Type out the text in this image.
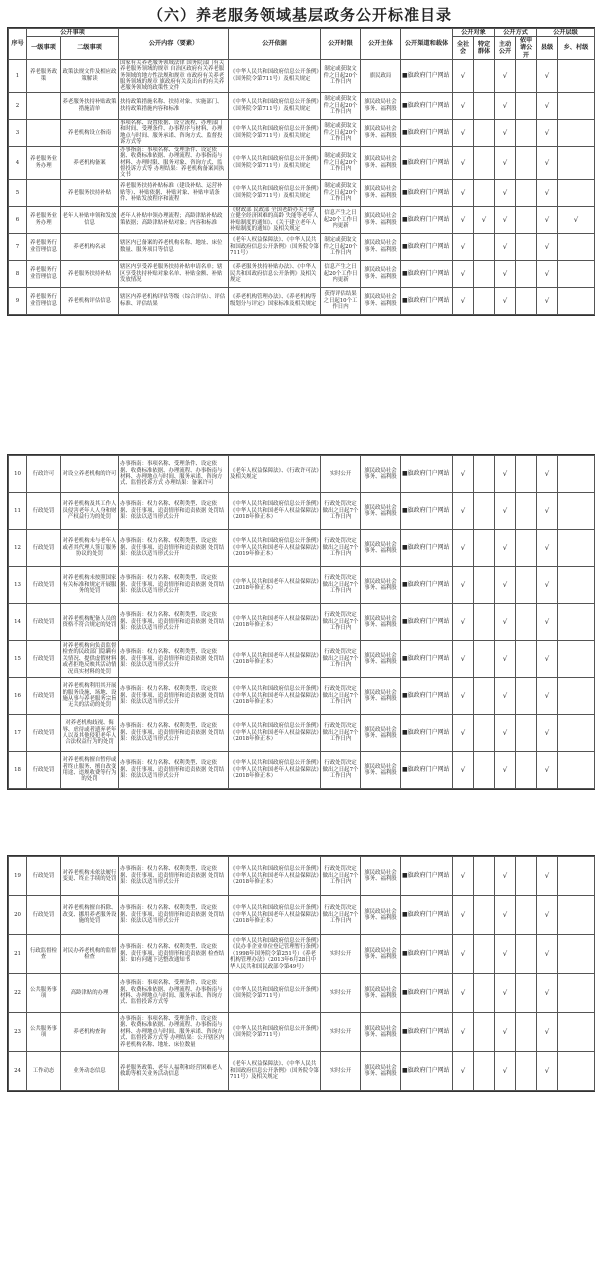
（六）养老服务领域基层政务公开标准目录
序号	公开事项		公开内容（要素）	公开依据	公开时限	公开主体	公开渠道和载体	公开对象		公开方式		公开层级	
	一级事项	二级事项						全社会	特定群体	主动公开	依申请公开	县级	乡、村级
1	养老服务政策	政策法规文件及相应政策解读	国家有关养老服务领域法律 国务院部门有关养老服务领域的规章 自治区政府有关养老服务领域的地方性法规和规章 市政府有关养老服务领域的规章 旗政府有关及出台的有关养老服务领域的政策性文件	《中华人民共和国政府信息公开条例》（国务院令第711号）及相关规定	制定或获取文件之日起20个工作日内	旗民政局	■旗政府门户网站	√		√		√	
2		养老服务扶持补贴政策措施清单	扶持政策措施名称、扶持对象、实施部门、扶持政策措施内容和标准	《中华人民共和国政府信息公开条例》（国务院令第711号）及相关规定	制定或获取文件之日起20个工作日内	旗民政局社会事务、福利股	■旗政府门户网站	√		√		√	
3		养老机构设立指南	事项名称、设置依据、设立流程、办理部门和时间、受理条件、办事程序与材料、办理地点与时间、服务承诺、咨询方式、监督投诉方式等	《中华人民共和国政府信息公开条例》（国务院令第711号）及相关规定	制定或获取文件之日起20个工作日内	旗民政局社会事务、福利股	■旗政府门户网站	√		√		√	
4	养老服务业务办理	养老机构备案	办事指南：事项名称、受理条件、设定依据、收费标准依据、办理流程、办事指南与材料、办理时限、服务对象、咨询方式、监督投诉方式等 办理结果：养老机构备案回执文书	《中华人民共和国政府信息公开条例》（国务院令第711号）及相关规定	制定或获取文件之日起20个工作日内	旗民政局社会事务、福利股	■旗政府门户网站	√		√		√	
5		养老服务扶持补贴	养老服务扶持补贴标准（建设补贴、运营补贴等）、补贴依据、补贴对象、补贴申请条件、补贴发放程序和流程	《中华人民共和国政府信息公开条例》（国务院令第711号）及相关规定	制定或获取文件之日起20个工作日内	旗民政局社会事务、福利股	■旗政府门户网站	√		√		√	
6	养老服务业务办理	老年人补贴申领和发放信息	老年人补贴申领办理流程；高龄津贴补贴政策依据；高龄津贴补贴对象；内容和标准	《财政部 民政部 全国老龄办关于建立健全经济困难的高龄 失能等老年人补贴制度的通知》、《关于建立老年人补贴制度的通知》及相关规定	信息产生之日起20个工作日内更新	旗民政局社会事务、福利股	■旗政府门户网站	√	√	√		√	√
7	养老服务行业管理信息	养老机构名录	辖区内已备案的养老机构名称、地址、床位数量、服务项目等信息	《老年人权益保障法》、《中华人民共和国政府信息公开条例》（国务院令第711号）	制定或获取文件之日起20个工作日内	旗民政局社会事务、福利股	■旗政府门户网站	√		√		√	
8	养老服务行业管理信息	养老服务扶持补贴	辖区内享受养老服务扶持补贴申请名单；辖区享受扶持补贴对象名单、补贴金额、补贴发放情况	《养老服务扶持补贴办法》、《中华人民共和国政府信息公开条例》及相关规定	信息产生之日起20个工作日内更新	旗民政局社会事务、福利股	■旗政府门户网站	√		√		√	
9	养老服务行业管理信息	养老机构评估信息	辖区内养老机构评估等级（综合评估）、评估标准、评估结果	《养老机构管理办法》、《养老机构等级划分与评定》国家标准及相关规定	获得评估结果之日起10个工作日内	旗民政局社会事务、福利股	■旗政府门户网站	√		√		√	
10	行政许可	对设立养老机构的许可	办事指南：事项名称、受理条件、设定依据、收费标准依据、办理流程、办事指南与材料、办理地点与时间、服务承诺、咨询方式、监督投诉方式 办理结果：备案许可	《老年人权益保障法》、《行政许可法》及相关规定	实时公开	旗民政局社会事务、福利股	■旗政府门户网站	√		√		√	
11	行政处罚	对养老机构及其工作人员侵害老年人人身和财产权益行为的处罚	办事指南：权力名称、权利类型、设定依据、责任事项、追责情形和追责依据 处罚结果：依法以适当形式公开	《中华人民共和国政府信息公开条例》《中华人民共和国老年人权益保障法》（2018年修正本）	行政处罚决定做出之日起7个工作日内	旗民政局社会事务、福利股	■旗政府门户网站	√		√		√	
12	行政处罚	对养老机构未与老年人或者其代理人签订服务协议的处罚	办事指南：权力名称、权利类型、设定依据、责任事项、追责情形和追责依据 处罚结果：依法以适当形式公开	《中华人民共和国政府信息公开条例》《中华人民共和国老年人权益保障法》（2019年修正本）	行政处罚决定做出之日起7个工作日内	旗民政局社会事务、福利股	■旗政府门户网站	√		√		√	
13	行政处罚	对养老机构未按照国家有关标准和规定开展服务的处罚	办事指南：权力名称、权利类型、设定依据、责任事项、追责情形和追责依据 处罚结果：依法以适当形式公开	《中华人民共和国老年人权益保障法》（2018年修正本）	行政处罚决定做出之日起7个工作日内	旗民政局社会事务、福利股	■旗政府门户网站	√		√		√	
14	行政处罚	对养老机构配备人员的资格不符合规定的处罚	办事指南：权力名称、权利类型、设定依据、责任事项、追责情形和追责依据 处罚结果：依法以适当形式公开	《中华人民共和国老年人权益保障法》（2018年修正本）	行政处罚决定做出之日起7个工作日内	旗民政局社会事务、福利股	■旗政府门户网站	√		√		√	
15	行政处罚	对养老机构向负责监督检查的民政部门隐瞒有关情况、提供虚假材料或者拒绝反映其活动情况真实材料的处罚	办事指南：权力名称、权利类型、设定依据、责任事项、追责情形和追责依据 处罚结果：依法以适当形式公开	《中华人民共和国老年人权益保障法》（2018年修正本）	行政处罚决定做出之日起7个工作日内	旗民政局社会事务、福利股	■旗政府门户网站	√		√		√	
16	行政处罚	对养老机构利用其开展的服务设施、场地、设施从事与养老服务宗旨无关的活动的处罚	办事指南：权力名称、权利类型、设定依据、责任事项、追责情形和追责依据 处罚结果：依法以适当形式公开	《中华人民共和国政府信息公开条例》《中华人民共和国老年人权益保障法》（2018年修正本）	行政处罚决定做出之日起7个工作日内	旗民政局社会事务、福利股	■旗政府门户网站	√		√		√	
17	行政处罚	对养老机构歧视、侮辱、虐待或者遗弃老年人以及其他侵犯老年人合法权益行为的处罚	办事指南：权力名称、权利类型、设定依据、责任事项、追责情形和追责依据 处罚结果：依法以适当形式公开	《中华人民共和国政府信息公开条例》《中华人民共和国老年人权益保障法》（2018年修正本）	行政处罚决定做出之日起7个工作日内	旗民政局社会事务、福利股	■旗政府门户网站	√		√		√	
18	行政处罚	对养老机构擅自暂停或者终止服务、擅自改变用途、违规收费等行为的处罚	办事指南：权力名称、权利类型、设定依据、责任事项、追责情形和追责依据 处罚结果：依法以适当形式公开	《中华人民共和国政府信息公开条例》《中华人民共和国老年人权益保障法》（2018年修正本）	行政处罚决定做出之日起7个工作日内	旗民政局社会事务、福利股	■旗政府门户网站	√		√		√	
19	行政处罚	对养老机构未依法履行变更、终止手续的处罚	办事指南：权力名称、权利类型、设定依据、责任事项、追责情形和追责依据 处罚结果：依法以适当形式公开	《中华人民共和国政府信息公开条例》《中华人民共和国老年人权益保障法》（2018年修正本）	行政处罚决定做出之日起7个工作日内	旗民政局社会事务、福利股	■旗政府门户网站	√		√		√	
20	行政处罚	对养老机构擅自拆除、改变、挪用养老服务设施的处罚	办事指南：权力名称、权利类型、设定依据、责任事项、追责情形和追责依据 处罚结果：依法以适当形式公开	《中华人民共和国政府信息公开条例》《中华人民共和国老年人权益保障法》（2018年修正本）	行政处罚决定做出之日起7个工作日内	旗民政局社会事务、福利股	■旗政府门户网站	√		√		√	
21	行政监督检查	对民办养老机构的监督检查	办事指南：权力名称、权利类型、设定依据、责任事项、追责情形和追责依据 检查结果：如有问题下达整改通知书	《中华人民共和国政府信息公开条例》《民办非企业单位登记管理暂行条例》（1998年国务院令第251号）《养老机构管理办法》（2013年6月28日中华人民共和国民政部令第49号）	实时公开	旗民政局社会事务、福利股	■旗政府门户网站	√		√		√	
22	公共服务事项	高龄津贴的办理	办事指南：事项名称、受理条件、设定依据、收费标准依据、办理流程、办事指南与材料、办理地点与时间、服务承诺、咨询方式、监督投诉方式等	《中华人民共和国政府信息公开条例》（国务院令第711号）	实时公开	旗民政局社会事务、福利股	■旗政府门户网站	√		√		√	
23	公共服务事项	养老机构查询	办事指南：事项名称、受理条件、设定依据、收费标准依据、办理流程、办事指南与材料、办理地点与时间、服务承诺、咨询方式、监督投诉方式等 办理结果：公开辖区内养老机构名称、地址、床位数量	《中华人民共和国政府信息公开条例》（国务院令第711号）	实时公开	旗民政局社会事务、福利股	■旗政府门户网站	√		√		√	
24	工作动态	业务动态信息	养老服务政策、老年人福利和经营困难老人救助等相关业务活动信息	《老年人权益保障法》、《中华人民共和国政府信息公开条例》（国务院令第711号）及相关规定	实时公开	旗民政局社会事务、福利股	■旗政府门户网站	√		√		√	
